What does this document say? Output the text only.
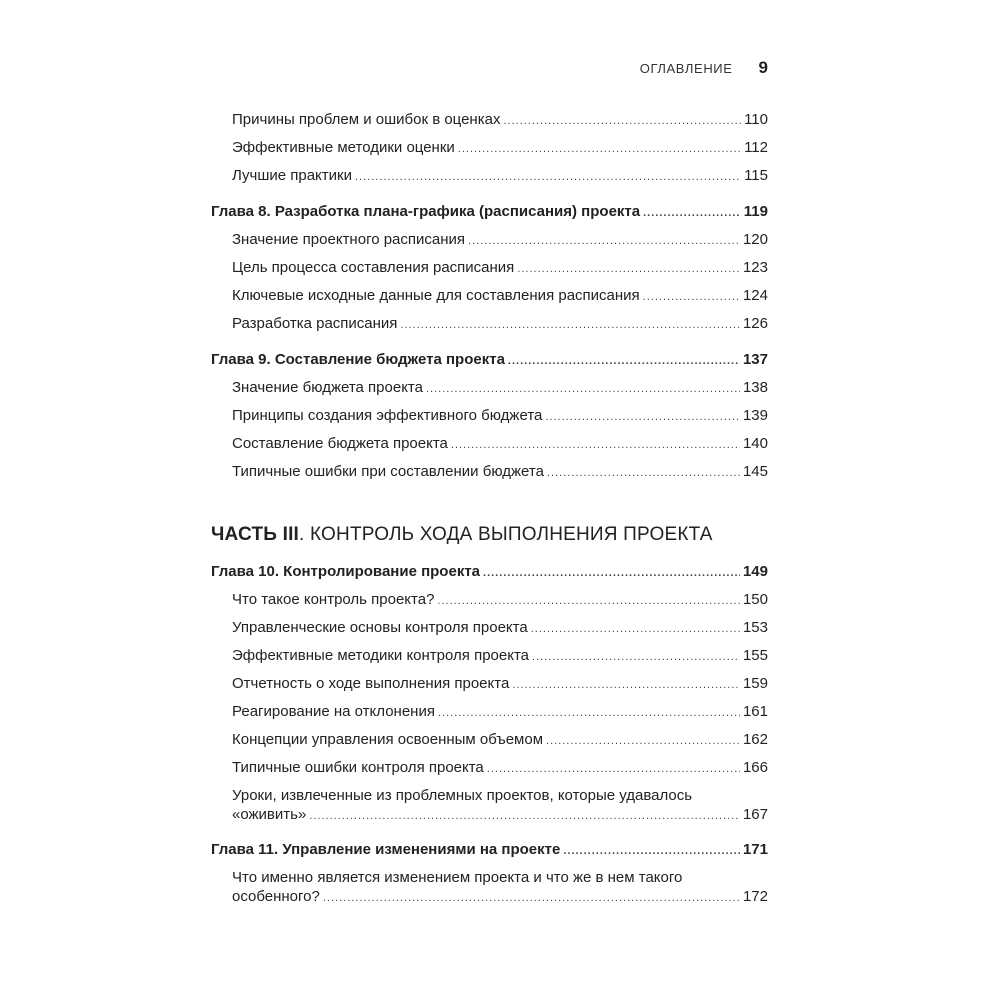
ОГЛАВЛЕНИЕ 9
Причины проблем и ошибок в оценках .....	110
Эффективные методики оценки .....	112
Лучшие практики .....	115
Глава 8. Разработка плана-графика (расписания) проекта .....	119
Значение проектного расписания .....	120
Цель процесса составления расписания .....	123
Ключевые исходные данные для составления расписания .....	124
Разработка расписания .....	126
Глава 9. Составление бюджета проекта .....	137
Значение бюджета проекта .....	138
Принципы создания эффективного бюджета .....	139
Составление бюджета проекта .....	140
Типичные ошибки при составлении бюджета .....	145
ЧАСТЬ III. КОНТРОЛЬ ХОДА ВЫПОЛНЕНИЯ ПРОЕКТА
Глава 10. Контролирование проекта .....	149
Что такое контроль проекта? .....	150
Управленческие основы контроля проекта .....	153
Эффективные методики контроля проекта .....	155
Отчетность о ходе выполнения проекта .....	159
Реагирование на отклонения .....	161
Концепции управления освоенным объемом .....	162
Типичные ошибки контроля проекта .....	166
Уроки, извлеченные из проблемных проектов, которые удавалось
«оживить» .....	167
Глава 11. Управление изменениями на проекте .....	171
Что именно является изменением проекта и что же в нем такого
особенного? .....	172
